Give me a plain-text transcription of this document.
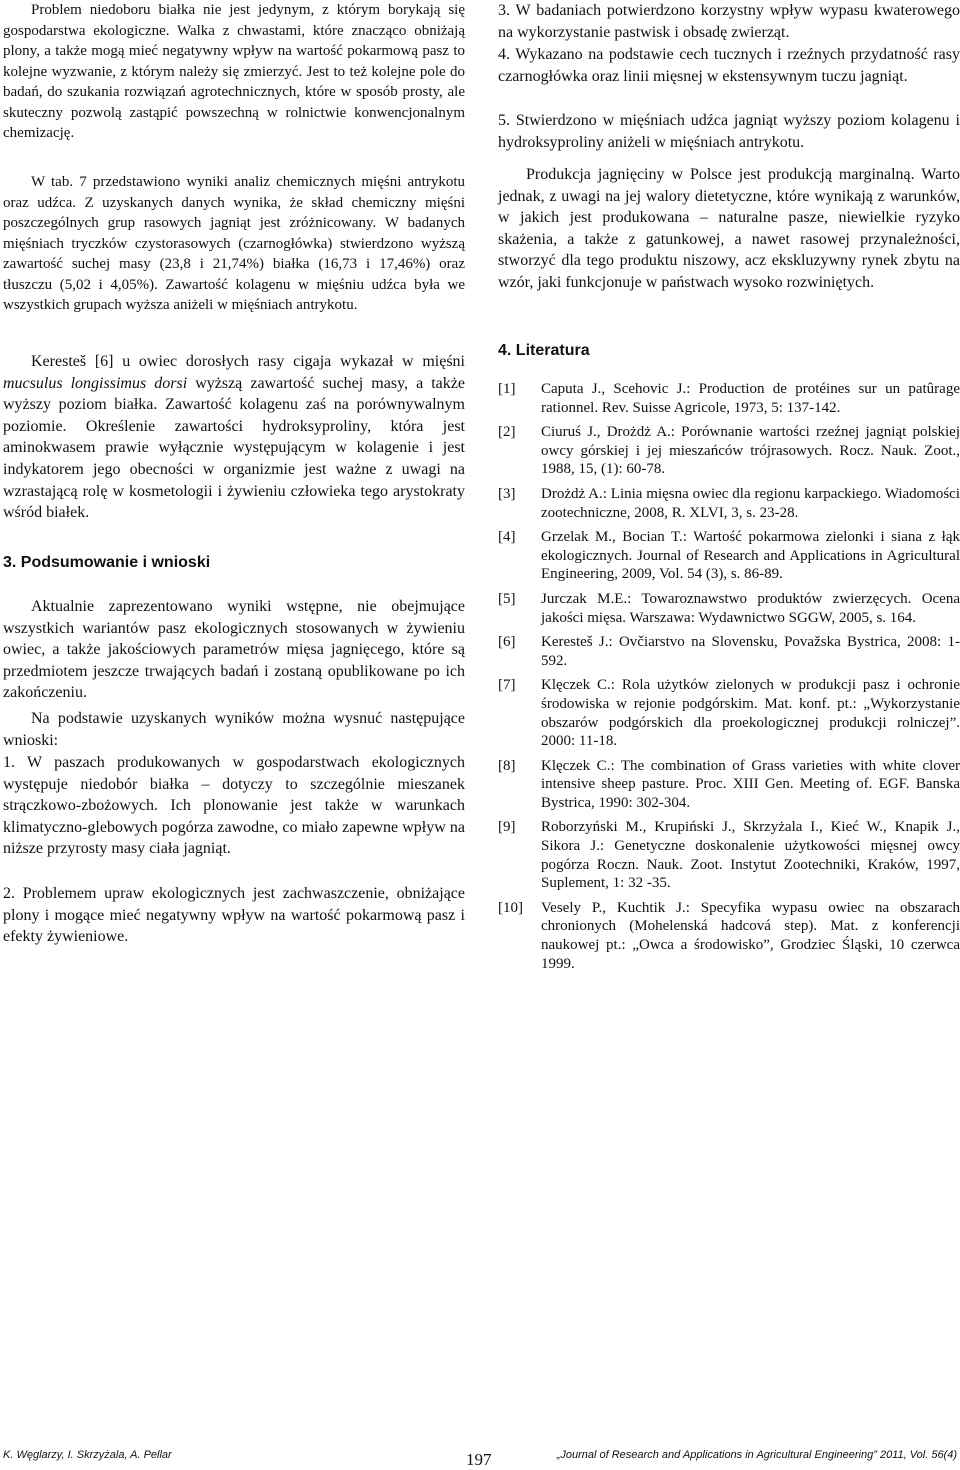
Problem niedoboru białka nie jest jedynym, z którym borykają się gospodarstwa ekologiczne. Walka z chwastami, które znacząco obniżają plony, a także mogą mieć negatywny wpływ na wartość pokarmową pasz to kolejne wyzwanie, z którym należy się zmierzyć. Jest to też kolejne pole do badań, do szukania rozwiązań agrotechnicznych, które w sposób prosty, ale skuteczny pozwolą zastąpić powszechną w rolnictwie konwencjonalnym chemizację.

W tab. 7 przedstawiono wyniki analiz chemicznych mięśni antrykotu oraz udźca. Z uzyskanych danych wynika, że skład chemiczny mięśni poszczególnych grup rasowych jagniąt jest zróżnicowany. W badanych mięśniach tryczków czystorasowych (czarnogłówka) stwierdzono wyższą zawartość suchej masy (23,8 i 21,74%) białka (16,73 i 17,46%) oraz tłuszczu (5,02 i 4,05%). Zawartość kolagenu w mięśniu udźca była we wszystkich grupach wyższa aniżeli w mięśniach antrykotu.

Keresteš [6] u owiec dorosłych rasy cigaja wykazał w mięśni mucsulus longissimus dorsi wyższą zawartość suchej masy, a także wyższy poziom białka. Zawartość kolagenu zaś na porównywalnym poziomie. Określenie zawartości hydroksyproliny, która jest aminokwasem prawie wyłącznie występującym w kolagenie i jest indykatorem jego obecności w organizmie jest ważne z uwagi na wzrastającą rolę w kosmetologii i żywieniu człowieka tego arystokraty wśród białek.

3. Podsumowanie i wnioski

Aktualnie zaprezentowano wyniki wstępne, nie obejmujące wszystkich wariantów pasz ekologicznych stosowanych w żywieniu owiec, a także jakościowych parametrów mięsa jagnięcego, które są przedmiotem jeszcze trwających badań i zostaną opublikowane po ich zakończeniu.

Na podstawie uzyskanych wyników można wysnuć następujące wnioski:

1. W paszach produkowanych w gospodarstwach ekologicznych występuje niedobór białka – dotyczy to szczególnie mieszanek strączkowo-zbożowych. Ich plonowanie jest także w warunkach klimatyczno-glebowych pogórza zawodne, co miało zapewne wpływ na niższe przyrosty masy ciała jagniąt.

2. Problemem upraw ekologicznych jest zachwaszczenie, obniżające plony i mogące mieć negatywny wpływ na wartość pokarmową pasz i efekty żywieniowe.

3. W badaniach potwierdzono korzystny wpływ wypasu kwaterowego na wykorzystanie pastwisk i obsadę zwierząt.

4. Wykazano na podstawie cech tucznych i rzeźnych przydatność rasy czarnogłówka oraz linii mięsnej w ekstensywnym tuczu jagniąt.

5. Stwierdzono w mięśniach udźca jagniąt wyższy poziom kolagenu i hydroksyproliny aniżeli w mięśniach antrykotu.

Produkcja jagnięciny w Polsce jest produkcją marginalną. Warto jednak, z uwagi na jej walory dietetyczne, które wynikają z warunków, w jakich jest produkowana – naturalne pasze, niewielkie ryzyko skażenia, a także z gatunkowej, a nawet rasowej przynależności, stworzyć dla tego produktu niszowy, acz ekskluzywny rynek zbytu na wzór, jaki funkcjonuje w państwach wysoko rozwiniętych.

4. Literatura
[1] Caputa J., Scehovic J.: Production de protéines sur un patûrage rationnel. Rev. Suisse Agricole, 1973, 5: 137-142.
[2] Ciuruś J., Drożdż A.: Porównanie wartości rzeźnej jagniąt polskiej owcy górskiej i jej mieszańców trójrasowych. Rocz. Nauk. Zoot., 1988, 15, (1): 60-78.
[3] Drożdż A.: Linia mięsna owiec dla regionu karpackiego. Wiadomości zootechniczne, 2008, R. XLVI, 3, s. 23-28.
[4] Grzelak M., Bocian T.: Wartość pokarmowa zielonki i siana z łąk ekologicznych. Journal of Research and Applications in Agricultural Engineering, 2009, Vol. 54 (3), s. 86-89.
[5] Jurczak M.E.: Towaroznawstwo produktów zwierzęcych. Ocena jakości mięsa. Warszawa: Wydawnictwo SGGW, 2005, s. 164.
[6] Keresteš J.: Ovčiarstvo na Slovensku, Považska Bystrica, 2008: 1-592.
[7] Klęczek C.: Rola użytków zielonych w produkcji pasz i ochronie środowiska w rejonie podgórskim. Mat. konf. pt.: „Wykorzystanie obszarów podgórskich dla proekologicznej produkcji rolniczej”. 2000: 11-18.
[8] Klęczek C.: The combination of Grass varieties with white clover intensive sheep pasture. Proc. XIII Gen. Meeting of. EGF. Banska Bystrica, 1990: 302-304.
[9] Roborzyński M., Krupiński J., Skrzyżala I., Kieć W., Knapik J., Sikora J.: Genetyczne doskonalenie użytkowości mięsnej owcy pogórza Roczn. Nauk. Zoot. Instytut Zootechniki, Kraków, 1997, Suplement, 1: 32 -35.
[10] Vesely P., Kuchtik J.: Specyfika wypasu owiec na obszarach chronionych (Mohelenská hadcová step). Mat. z konferencji naukowej pt.: „Owca a środowisko”, Grodziec Śląski, 10 czerwca 1999.
K. Węglarzy, I. Skrzyżala, A. Pellar	197	„Journal of Research and Applications in Agricultural Engineering” 2011, Vol. 56(4)
